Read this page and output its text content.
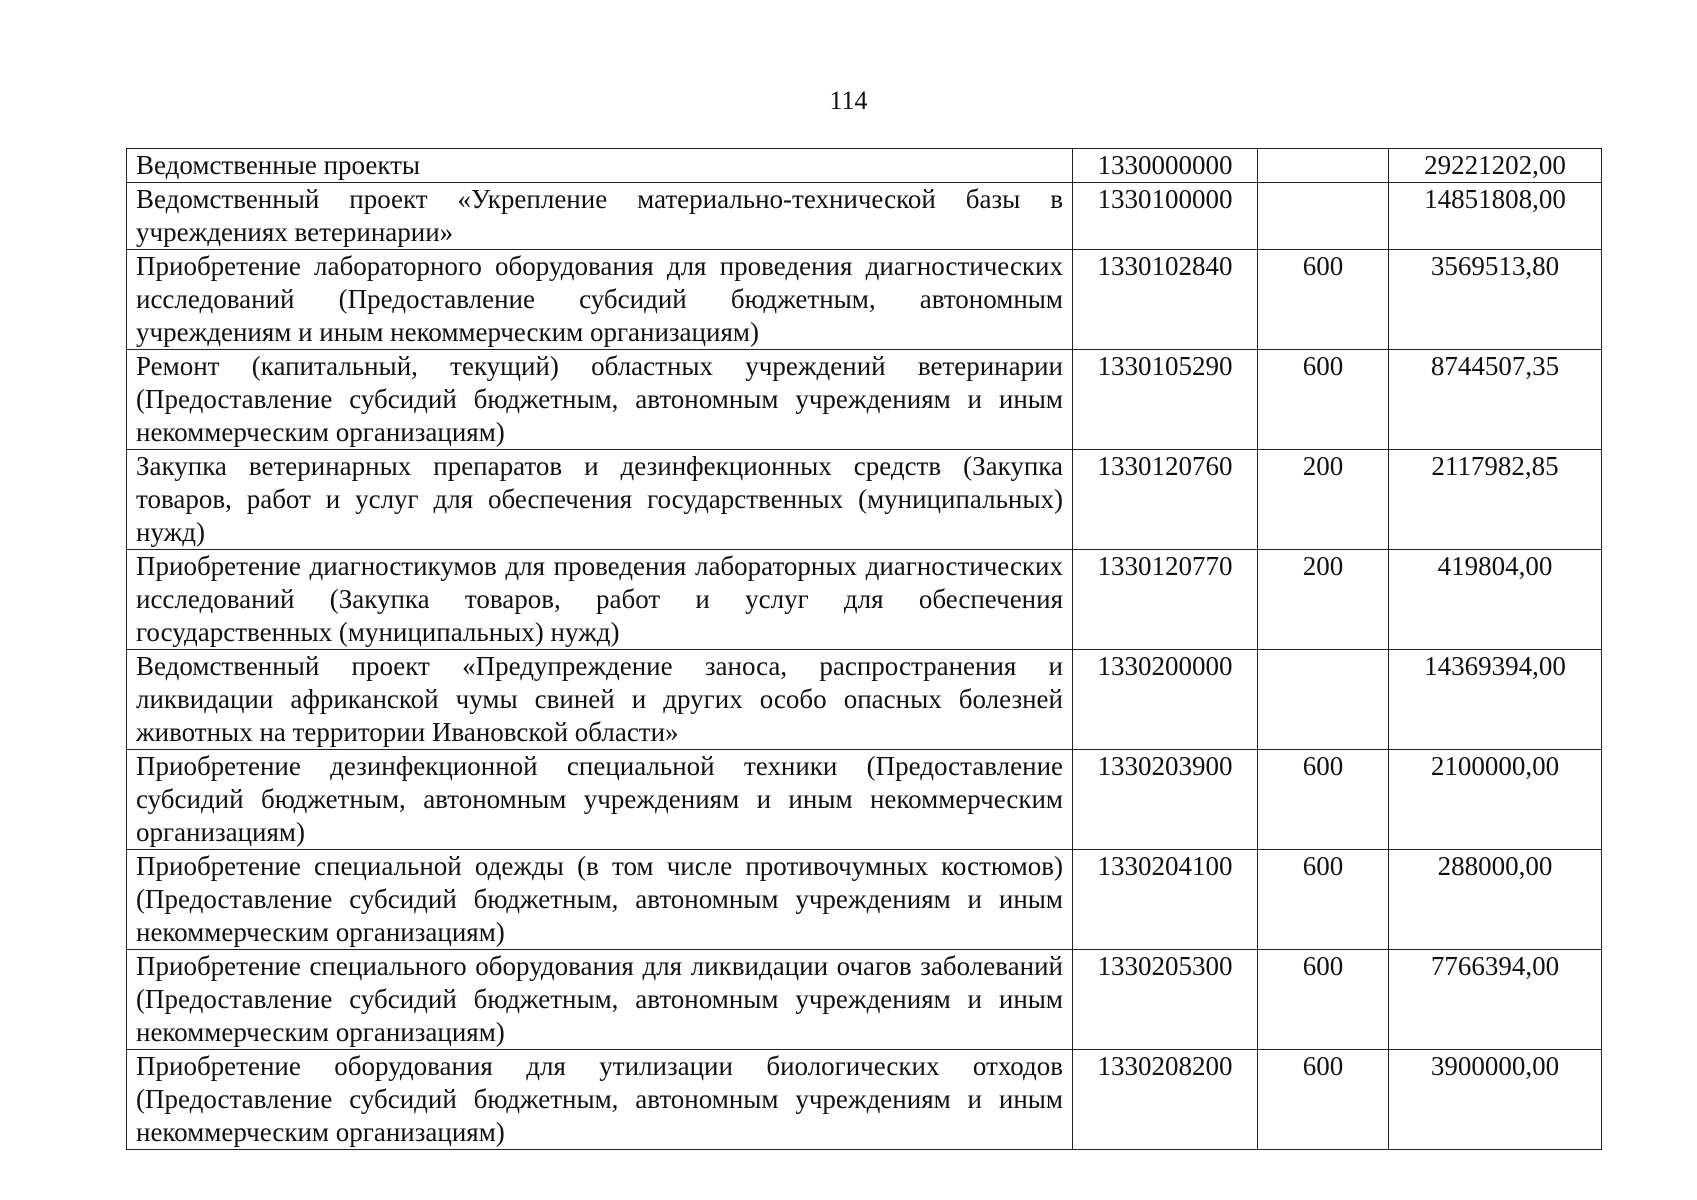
114
Ведомственные проекты	1330000000		29221202,00
Ведомственный проект «Укрепление материально-технической базы в учреждениях ветеринарии»	1330100000		14851808,00
Приобретение лабораторного оборудования для проведения диагностических исследований (Предоставление субсидий бюджетным, автономным учреждениям и иным некоммерческим организациям)	1330102840	600	3569513,80
Ремонт (капитальный, текущий) областных учреждений ветеринарии (Предоставление субсидий бюджетным, автономным учреждениям и иным некоммерческим организациям)	1330105290	600	8744507,35
Закупка ветеринарных препаратов и дезинфекционных средств (Закупка товаров, работ и услуг для обеспечения государственных (муниципальных) нужд)	1330120760	200	2117982,85
Приобретение диагностикумов для проведения лабораторных диагностических исследований (Закупка товаров, работ и услуг для обеспечения государственных (муниципальных) нужд)	1330120770	200	419804,00
Ведомственный проект «Предупреждение заноса, распространения и ликвидации африканской чумы свиней и других особо опасных болезней животных на территории Ивановской области»	1330200000		14369394,00
Приобретение дезинфекционной специальной техники (Предоставление субсидий бюджетным, автономным учреждениям и иным некоммерческим организациям)	1330203900	600	2100000,00
Приобретение специальной одежды (в том числе противочумных костюмов) (Предоставление субсидий бюджетным, автономным учреждениям и иным некоммерческим организациям)	1330204100	600	288000,00
Приобретение специального оборудования для ликвидации очагов заболеваний (Предоставление субсидий бюджетным, автономным учреждениям и иным некоммерческим организациям)	1330205300	600	7766394,00
Приобретение оборудования для утилизации биологических отходов (Предоставление субсидий бюджетным, автономным учреждениям и иным некоммерческим организациям)	1330208200	600	3900000,00
